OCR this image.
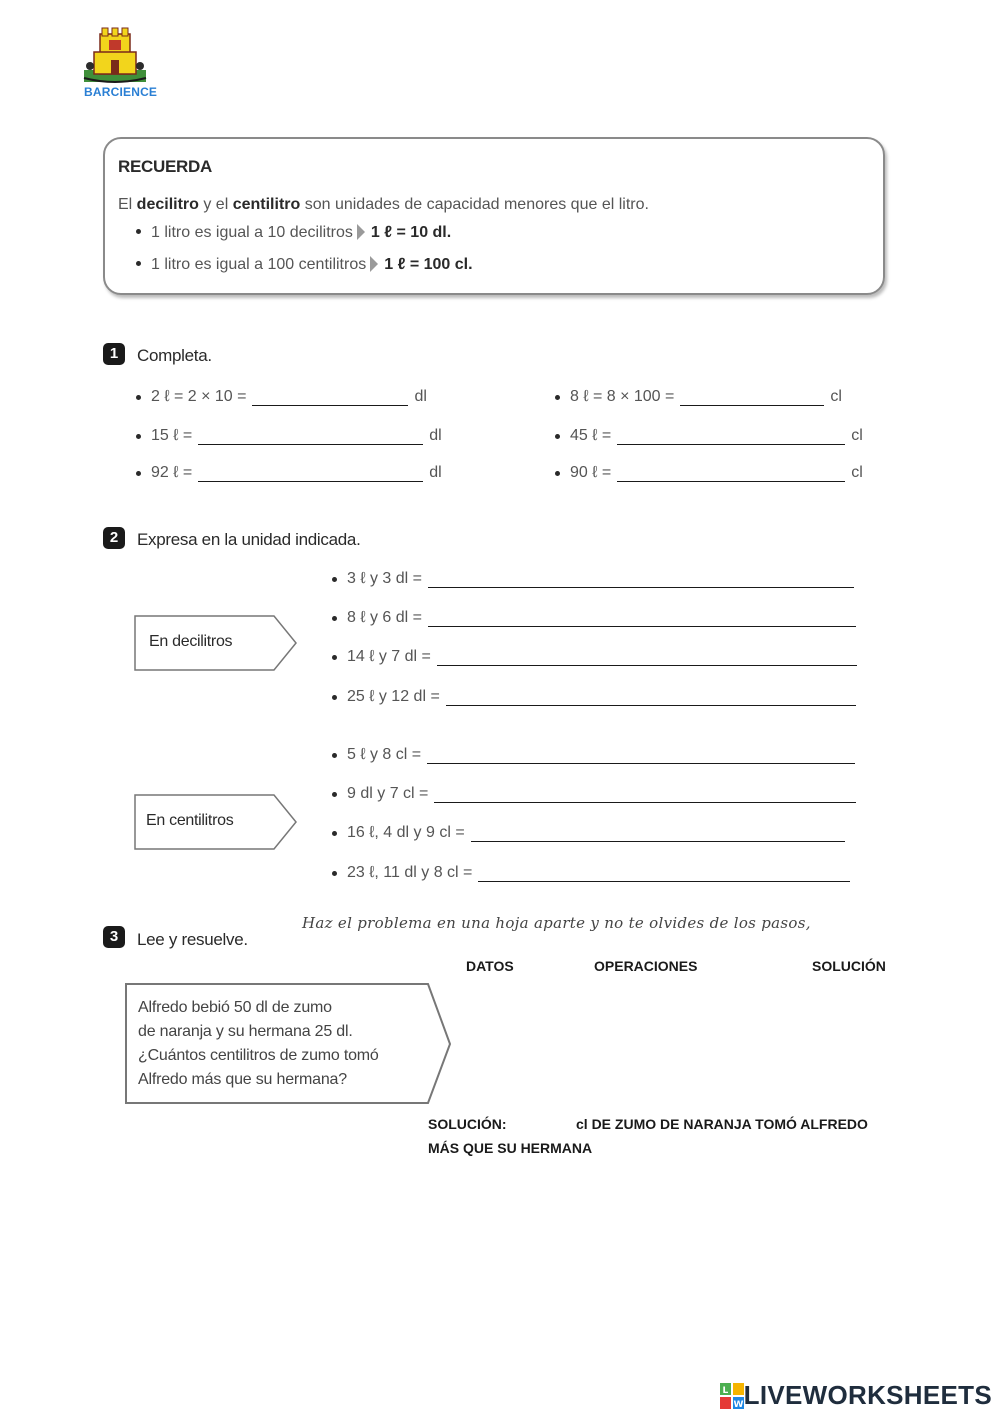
BARCIENCE
RECUERDA
El decilitro y el centilitro son unidades de capacidad menores que el litro.
1 litro es igual a 10 decilitros 1 ℓ = 10 dl.
1 litro es igual a 100 centilitros 1 ℓ = 100 cl.
1	Completa.
2 ℓ = 2 × 10 =	dl
15 ℓ =	dl
92 ℓ =	dl
8 ℓ = 8 × 100 =	cl
45 ℓ =	cl
90 ℓ =	cl
2	Expresa en la unidad indicada.
En decilitros
3 ℓ y 3 dl =
8 ℓ y 6 dl =
14 ℓ y 7 dl =
25 ℓ y 12 dl =
En centilitros
5 ℓ y 8 cl =
9 dl y 7 cl =
16 ℓ, 4 dl y 9 cl =
23 ℓ, 11 dl y 8 cl =
3	Lee y resuelve.
Haz el problema en una hoja aparte y no te olvides de los pasos,
DATOS	OPERACIONES	SOLUCIÓN
Alfredo bebió 50 dl de zumo
de naranja y su hermana 25 dl.
¿Cuántos centilitros de zumo tomó
Alfredo más que su hermana?
SOLUCIÓN:	cl DE ZUMO DE NARANJA TOMÓ ALFREDO
MÁS QUE SU HERMANA
L
W LIVEWORKSHEETS
